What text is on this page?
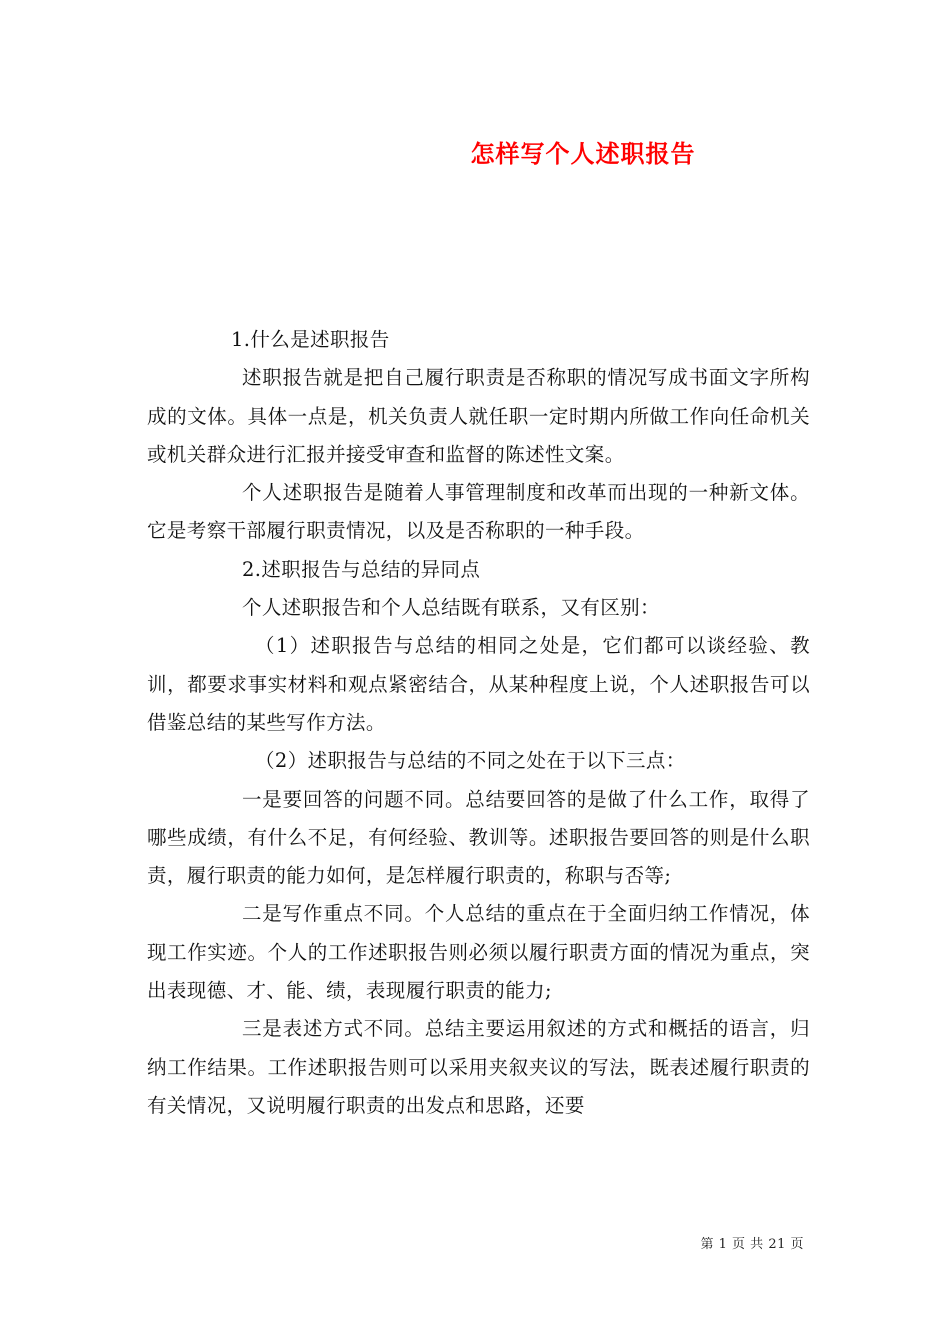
怎样写个人述职报告

1.什么是述职报告

述职报告就是把自己履行职责是否称职的情况写成书面文字所构成的文体。具体一点是，机关负责人就任职一定时期内所做工作向任命机关或机关群众进行汇报并接受审查和监督的陈述性文案。

个人述职报告是随着人事管理制度和改革而出现的一种新文体。它是考察干部履行职责情况，以及是否称职的一种手段。

2.述职报告与总结的异同点

个人述职报告和个人总结既有联系，又有区别：

（1）述职报告与总结的相同之处是，它们都可以谈经验、教训，都要求事实材料和观点紧密结合，从某种程度上说，个人述职报告可以借鉴总结的某些写作方法。

（2）述职报告与总结的不同之处在于以下三点：

一是要回答的问题不同。总结要回答的是做了什么工作，取得了哪些成绩，有什么不足，有何经验、教训等。述职报告要回答的则是什么职责，履行职责的能力如何，是怎样履行职责的，称职与否等;

二是写作重点不同。个人总结的重点在于全面归纳工作情况，体现工作实迹。个人的工作述职报告则必须以履行职责方面的情况为重点，突出表现德、才、能、绩，表现履行职责的能力;

三是表述方式不同。总结主要运用叙述的方式和概括的语言，归纳工作结果。工作述职报告则可以采用夹叙夹议的写法，既表述履行职责的有关情况，又说明履行职责的出发点和思路，还要

第 1 页 共 21 页
